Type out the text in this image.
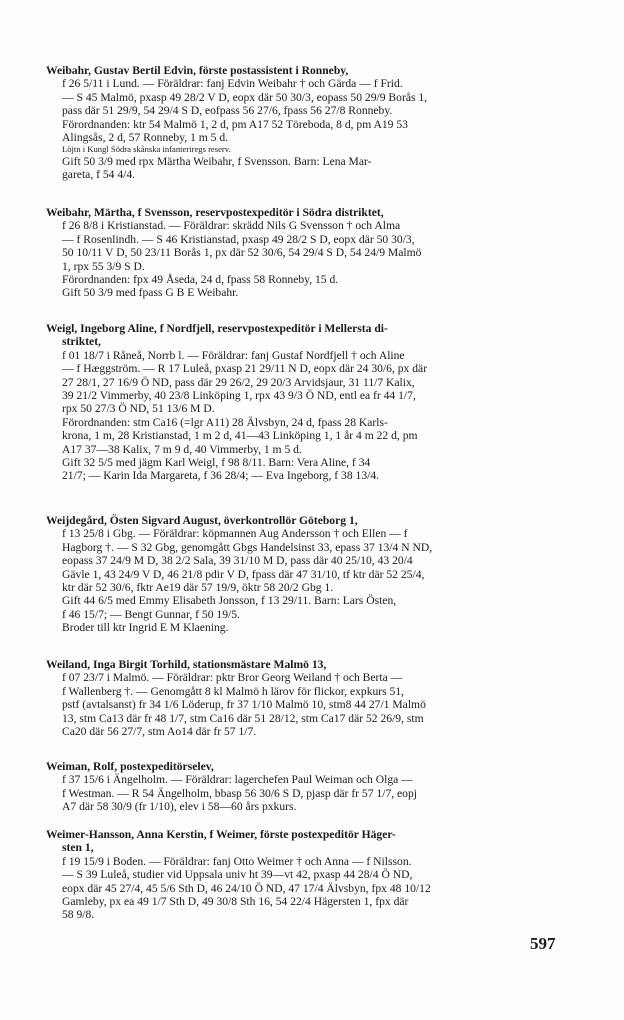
Weibahr, Gustav Bertil Edvin, förste postassistent i Ronneby,
f 26 5/11 i Lund. — Föräldrar: fanj Edvin Weibahr † och Gärda — f Frid.
— S 45 Malmö, pxasp 49 28/2 V D, eopx där 50 30/3, eopass 50 29/9 Borås 1,
pass där 51 29/9, 54 29/4 S D, eofpass 56 27/6, fpass 56 27/8 Ronneby.
Förordnanden: ktr 54 Malmö 1, 2 d, pm A17 52 Töreboda, 8 d, pm A19 53
Alingsås, 2 d, 57 Ronneby, 1 m 5 d.
Löjtn i Kungl Södra skånska infanteriregs reserv.
Gift 50 3/9 med rpx Märtha Weibahr, f Svensson. Barn: Lena Mar-
gareta, f 54 4/4.
Weibahr, Märtha, f Svensson, reservpostexpeditör i Södra distriktet,
f 26 8/8 i Kristianstad. — Föräldrar: skrädd Nils G Svensson † och Alma
— f Rosenlindh. — S 46 Kristianstad, pxasp 49 28/2 S D, eopx där 50 30/3,
50 10/11 V D, 50 23/11 Borås 1, px där 52 30/6, 54 29/4 S D, 54 24/9 Malmö
1, rpx 55 3/9 S D.
Förordnanden: fpx 49 Åseda, 24 d, fpass 58 Ronneby, 15 d.
Gift 50 3/9 med fpass G B E Weibahr.
Weigl, Ingeborg Aline, f Nordfjell, reservpostexpeditör i Mellersta di-
striktet,
f 01 18/7 i Råneå, Norrb l. — Föräldrar: fanj Gustaf Nordfjell † och Aline
— f Hæggström. — R 17 Luleå, pxasp 21 29/11 N D, eopx där 24 30/6, px där
27 28/1, 27 16/9 Ö ND, pass där 29 26/2, 29 20/3 Arvidsjaur, 31 11/7 Kalix,
39 21/2 Vimmerby, 40 23/8 Linköping 1, rpx 43 9/3 Ö ND, entl ea fr 44 1/7,
rpx 50 27/3 Ö ND, 51 13/6 M D.
Förordnanden: stm Ca16 (=lgr A11) 28 Älvsbyn, 24 d, fpass 28 Karls-
krona, 1 m, 28 Kristianstad, 1 m 2 d, 41—43 Linköping 1, 1 år 4 m 22 d, pm
A17 37—38 Kalix, 7 m 9 d, 40 Vimmerby, 1 m 5 d.
Gift 32 5/5 med jägm Karl Weigl, f 98 8/11. Barn: Vera Aline, f 34
21/7; — Karin Ida Margareta, f 36 28/4; — Eva Ingeborg, f 38 13/4.
Weijdegård, Östen Sigvard August, överkontrollör Göteborg 1,
f 13 25/8 i Gbg. — Föräldrar: köpmannen Aug Andersson † och Ellen — f
Hagborg †. — S 32 Gbg, genomgått Gbgs Handelsinst 33, epass 37 13/4 N ND,
eopass 37 24/9 M D, 38 2/2 Sala, 39 31/10 M D, pass där 40 25/10, 43 20/4
Gävle 1, 43 24/9 V D, 46 21/8 pdir V D, fpass där 47 31/10, tf ktr där 52 25/4,
ktr där 52 30/6, fktr Ae19 där 57 19/9, öktr 58 20/2 Gbg 1.
Gift 44 6/5 med Emmy Elisabeth Jonsson, f 13 29/11. Barn: Lars Östen,
f 46 15/7; — Bengt Gunnar, f 50 19/5.
Broder till ktr Ingrid E M Klaening.
Weiland, Inga Birgit Torhild, stationsmästare Malmö 13,
f 07 23/7 i Malmö. — Föräldrar: pktr Bror Georg Weiland † och Berta —
f Wallenberg †. — Genomgått 8 kl Malmö h lärov för flickor, expkurs 51,
pstf (avtalsanst) fr 34 1/6 Löderup, fr 37 1/10 Malmö 10, stm8 44 27/1 Malmö
13, stm Ca13 där fr 48 1/7, stm Ca16 där 51 28/12, stm Ca17 där 52 26/9, stm
Ca20 där 56 27/7, stm Ao14 där fr 57 1/7.
Weiman, Rolf, postexpeditörselev,
f 37 15/6 i Ängelholm. — Föräldrar: lagerchefen Paul Weiman och Olga —
f Westman. — R 54 Ängelholm, bbasp 56 30/6 S D, pjasp där fr 57 1/7, eopj
A7 där 58 30/9 (fr 1/10), elev i 58—60 års pxkurs.
Weimer-Hansson, Anna Kerstin, f Weimer, förste postexpeditör Häger-
sten 1,
f 19 15/9 i Boden. — Föräldrar: fanj Otto Weimer † och Anna — f Nilsson.
— S 39 Luleå, studier vid Uppsala univ ht 39—vt 42, pxasp 44 28/4 Ö ND,
eopx där 45 27/4, 45 5/6 Sth D, 46 24/10 Ö ND, 47 17/4 Älvsbyn, fpx 48 10/12
Gamleby, px ea 49 1/7 Sth D, 49 30/8 Sth 16, 54 22/4 Hägersten 1, fpx där
58 9/8.
597
